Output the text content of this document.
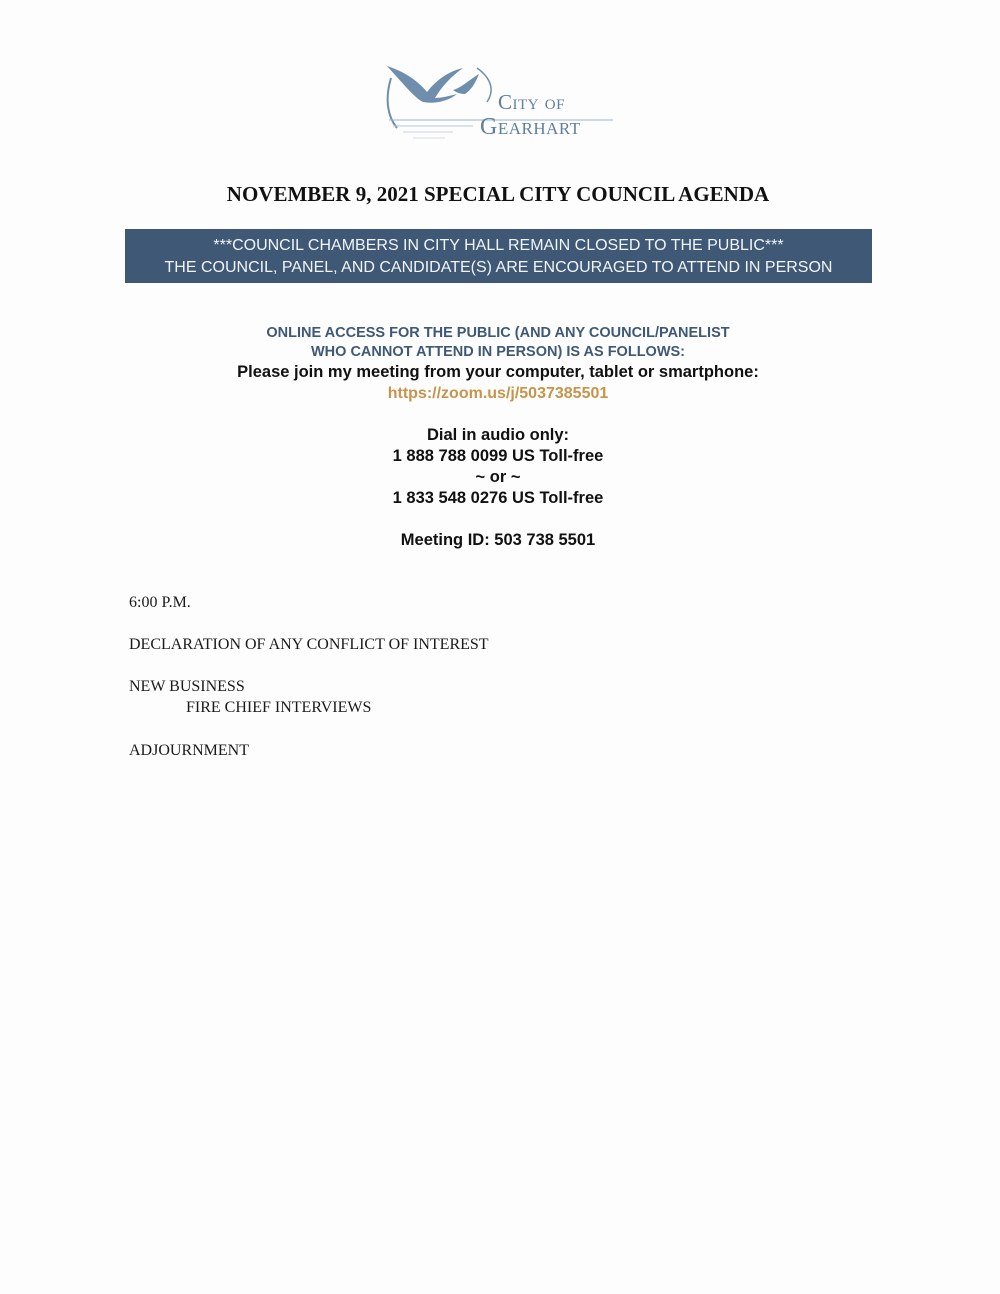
City of
Gearhart
NOVEMBER 9, 2021 SPECIAL CITY COUNCIL AGENDA
***COUNCIL CHAMBERS IN CITY HALL REMAIN CLOSED TO THE PUBLIC***
THE COUNCIL, PANEL, AND CANDIDATE(S) ARE ENCOURAGED TO ATTEND IN PERSON
ONLINE ACCESS FOR THE PUBLIC (AND ANY COUNCIL/PANELIST
WHO CANNOT ATTEND IN PERSON) IS AS FOLLOWS:
Please join my meeting from your computer, tablet or smartphone:
https://zoom.us/j/5037385501
Dial in audio only:
1 888 788 0099 US Toll-free
~ or ~
1 833 548 0276 US Toll-free
Meeting ID: 503 738 5501
6:00 P.M.
DECLARATION OF ANY CONFLICT OF INTEREST
NEW BUSINESS
FIRE CHIEF INTERVIEWS
ADJOURNMENT
